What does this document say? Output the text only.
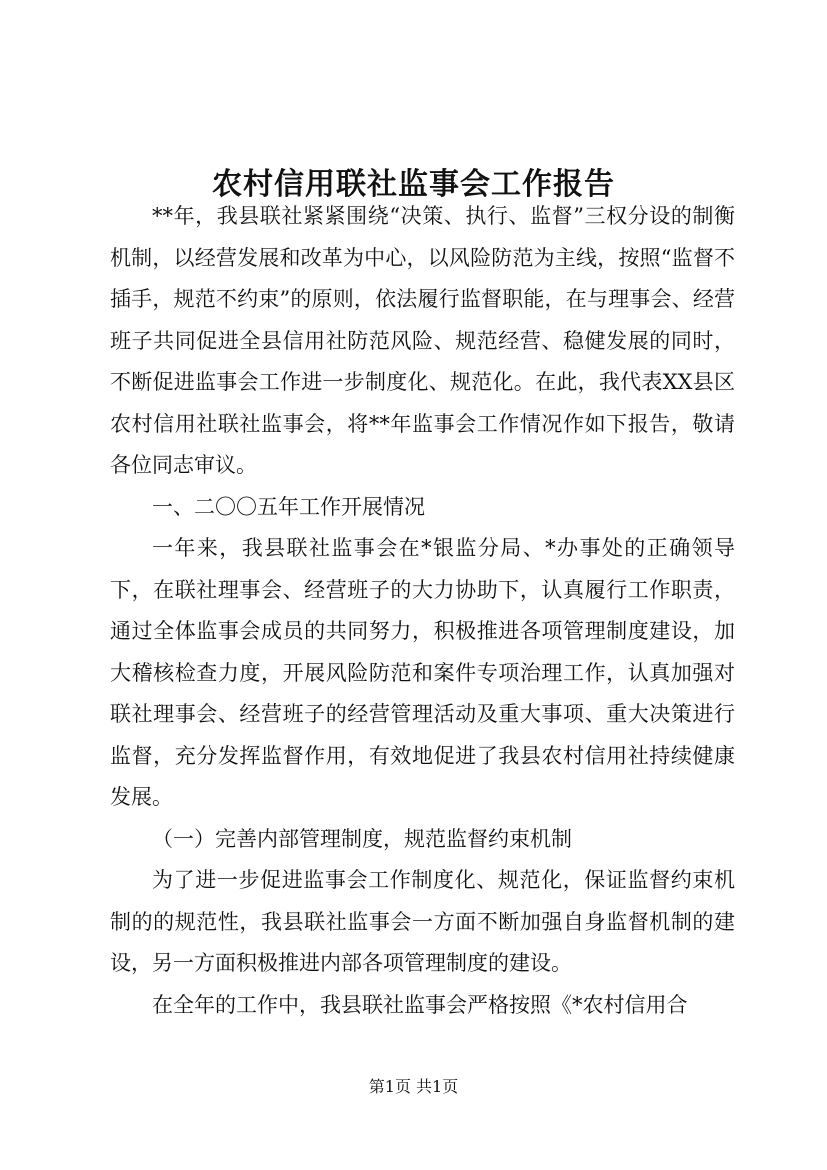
农村信用联社监事会工作报告

**年，我县联社紧紧围绕“决策、执行、监督”三权分设的制衡机制，以经营发展和改革为中心，以风险防范为主线，按照“监督不插手，规范不约束”的原则，依法履行监督职能，在与理事会、经营班子共同促进全县信用社防范风险、规范经营、稳健发展的同时，不断促进监事会工作进一步制度化、规范化。在此，我代表XX县区农村信用社联社监事会，将**年监事会工作情况作如下报告，敬请各位同志审议。

一、二〇〇五年工作开展情况

一年来，我县联社监事会在*银监分局、*办事处的正确领导下，在联社理事会、经营班子的大力协助下，认真履行工作职责，通过全体监事会成员的共同努力，积极推进各项管理制度建设，加大稽核检查力度，开展风险防范和案件专项治理工作，认真加强对联社理事会、经营班子的经营管理活动及重大事项、重大决策进行监督，充分发挥监督作用，有效地促进了我县农村信用社持续健康发展。

（一）完善内部管理制度，规范监督约束机制

为了进一步促进监事会工作制度化、规范化，保证监督约束机制的的规范性，我县联社监事会一方面不断加强自身监督机制的建设，另一方面积极推进内部各项管理制度的建设。

在全年的工作中，我县联社监事会严格按照《*农村信用合

第1页 共1页
